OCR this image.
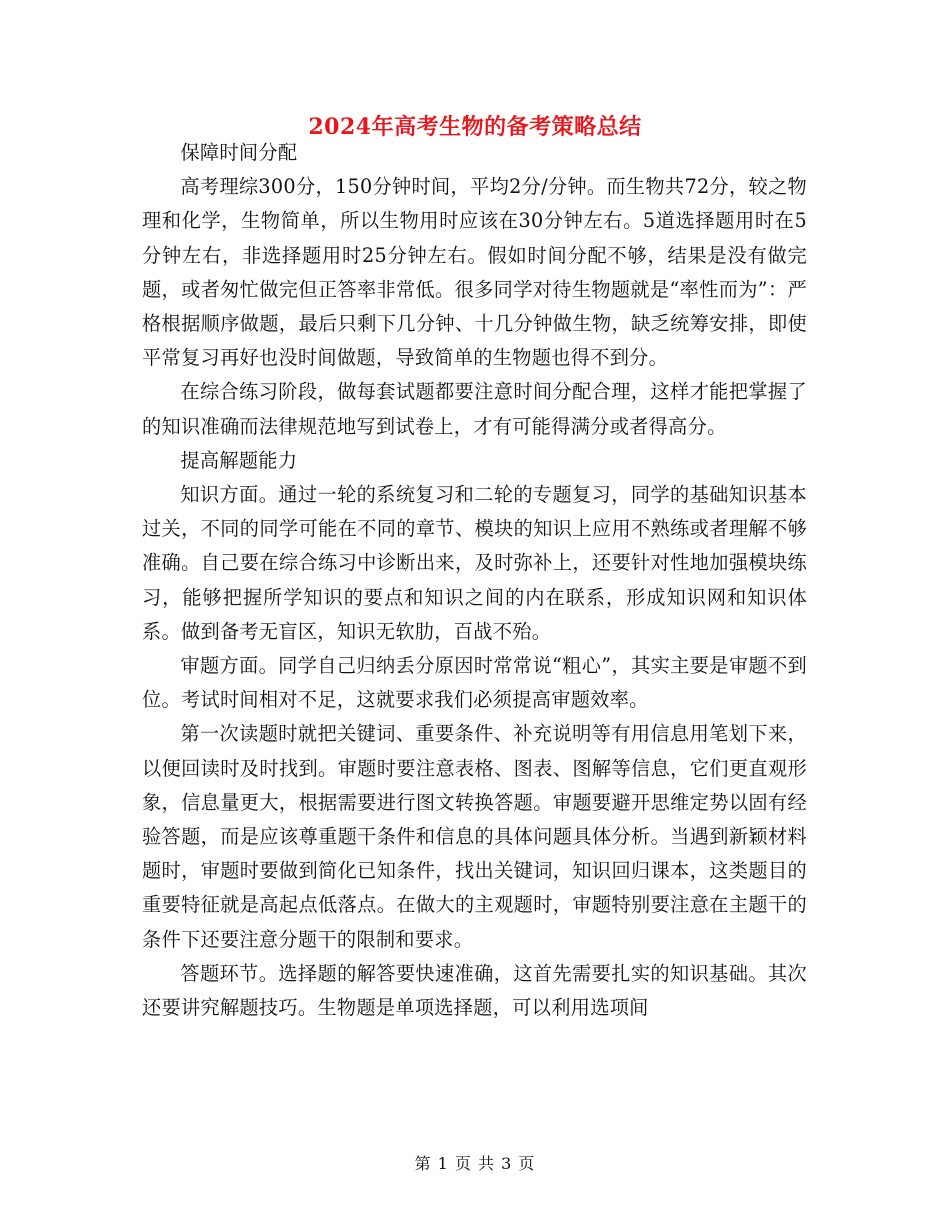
2024年高考生物的备考策略总结

保障时间分配

高考理综300分，150分钟时间，平均2分/分钟。而生物共72分，较之物理和化学，生物简单，所以生物用时应该在30分钟左右。5道选择题用时在5分钟左右，非选择题用时25分钟左右。假如时间分配不够，结果是没有做完题，或者匆忙做完但正答率非常低。很多同学对待生物题就是“率性而为”：严格根据顺序做题，最后只剩下几分钟、十几分钟做生物，缺乏统筹安排，即使平常复习再好也没时间做题，导致简单的生物题也得不到分。

在综合练习阶段，做每套试题都要注意时间分配合理，这样才能把掌握了的知识准确而法律规范地写到试卷上，才有可能得满分或者得高分。

提高解题能力

知识方面。通过一轮的系统复习和二轮的专题复习，同学的基础知识基本过关，不同的同学可能在不同的章节、模块的知识上应用不熟练或者理解不够准确。自己要在综合练习中诊断出来，及时弥补上，还要针对性地加强模块练习，能够把握所学知识的要点和知识之间的内在联系，形成知识网和知识体系。做到备考无盲区，知识无软肋，百战不殆。

审题方面。同学自己归纳丢分原因时常常说“粗心”，其实主要是审题不到位。考试时间相对不足，这就要求我们必须提高审题效率。

第一次读题时就把关键词、重要条件、补充说明等有用信息用笔划下来，以便回读时及时找到。审题时要注意表格、图表、图解等信息，它们更直观形象，信息量更大，根据需要进行图文转换答题。审题要避开思维定势以固有经验答题，而是应该尊重题干条件和信息的具体问题具体分析。当遇到新颖材料题时，审题时要做到简化已知条件，找出关键词，知识回归课本，这类题目的重要特征就是高起点低落点。在做大的主观题时，审题特别要注意在主题干的条件下还要注意分题干的限制和要求。

答题环节。选择题的解答要快速准确，这首先需要扎实的知识基础。其次还要讲究解题技巧。生物题是单项选择题，可以利用选项间

第 1 页 共 3 页
